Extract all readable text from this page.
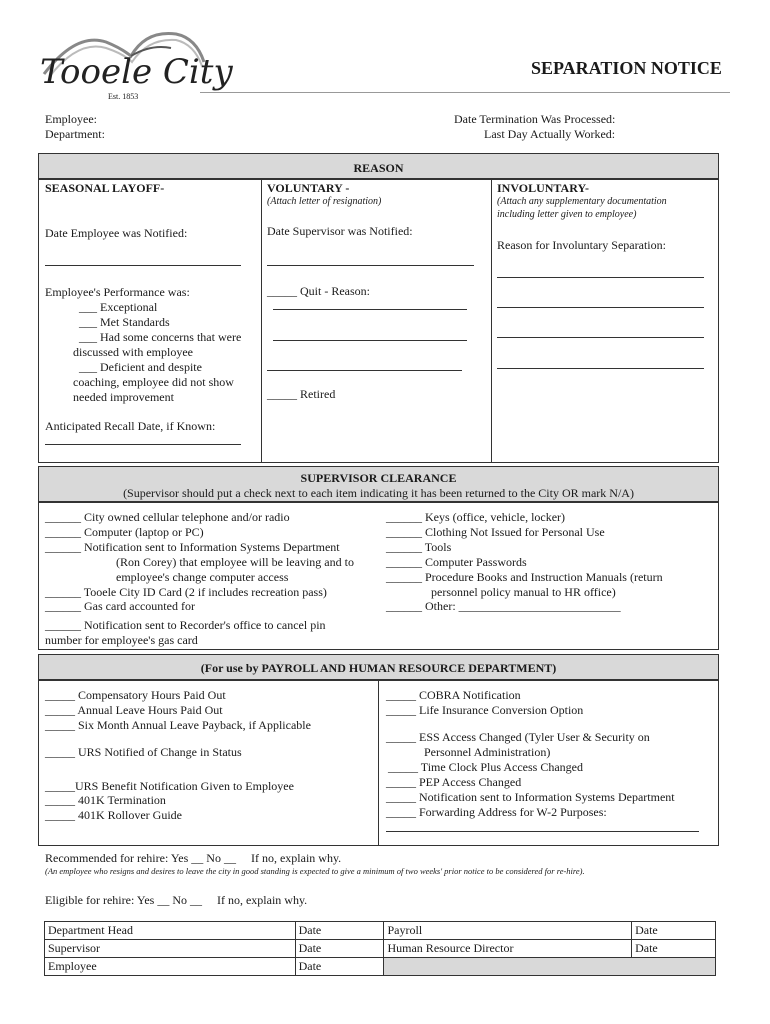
Tooele City
Est. 1853
SEPARATION NOTICE
Employee:
Department:
Date Termination Was Processed:
Last Day Actually Worked:
REASON
SEASONAL LAYOFF-
Date Employee was Notified:
Employee's Performance was:
___ Exceptional
___ Met Standards
___ Had some concerns that were
discussed with employee
___ Deficient and despite
coaching, employee did not show
needed improvement
Anticipated Recall Date, if Known:
VOLUNTARY -
(Attach letter of resignation)
Date Supervisor was Notified:
_____ Quit - Reason:
_____ Retired
INVOLUNTARY-
(Attach any supplementary documentation
including letter given to employee)
Reason for Involuntary Separation:
SUPERVISOR CLEARANCE
(Supervisor should put a check next to each item indicating it has been returned to the City OR mark N/A)
______ City owned cellular telephone and/or radio
______ Computer (laptop or PC)
______ Notification sent to Information Systems Department
(Ron Corey) that employee will be leaving and to
employee's change computer access
______ Tooele City ID Card (2 if includes recreation pass)
______ Gas card accounted for
______ Notification sent to Recorder's office to cancel pin
number for employee's gas card
______ Keys (office, vehicle, locker)
______ Clothing Not Issued for Personal Use
______ Tools
______ Computer Passwords
______ Procedure Books and Instruction Manuals (return
personnel policy manual to HR office)
______ Other: ___________________________
(For use by PAYROLL AND HUMAN RESOURCE DEPARTMENT)
_____ Compensatory Hours Paid Out
_____ Annual Leave Hours Paid Out
_____ Six Month Annual Leave Payback, if Applicable
_____ URS Notified of Change in Status
_____URS Benefit Notification Given to Employee
_____ 401K Termination
_____ 401K Rollover Guide
_____ COBRA Notification
_____ Life Insurance Conversion Option
_____ ESS Access Changed (Tyler User & Security on
Personnel Administration)
_____ Time Clock Plus Access Changed
_____ PEP Access Changed
_____ Notification sent to Information Systems Department
_____ Forwarding Address for W-2 Purposes:
Recommended for rehire: Yes __ No __     If no, explain why.
(An employee who resigns and desires to leave the city in good standing is expected to give a minimum of two weeks' prior notice to be considered for re-hire).
Eligible for rehire: Yes __ No __     If no, explain why.
Department Head	Date	Payroll	Date
Supervisor	Date	Human Resource Director	Date
Employee	Date		
